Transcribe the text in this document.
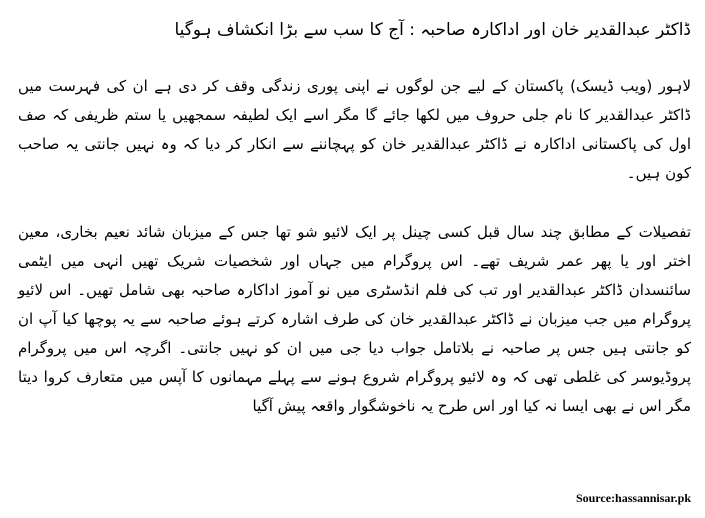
ڈاکٹر عبدالقدیر خان اور اداکارہ صاحبہ : آج کا سب سے بڑا انکشاف ہوگیا
لاہور (ویب ڈیسک) پاکستان کے لیے جن لوگوں نے اپنی پوری زندگی وقف کر دی ہے ان کی فہرست میں ڈاکٹر عبدالقدیر کا نام جلی حروف میں لکھا جائے گا مگر اسے ایک لطیفہ سمجھیں یا ستم ظریفی کہ صف اول کی پاکستانی اداکارہ نے ڈاکٹر عبدالقدیر خان کو پہچاننے سے انکار کر دیا کہ وہ نہیں جانتی یہ صاحب کون ہیں۔
تفصیلات کے مطابق چند سال قبل کسی چینل پر ایک لائیو شو تھا جس کے میزبان شائد نعیم بخاری، معین اختر اور یا پھر عمر شریف تھے۔ اس پروگرام میں جہاں اور شخصیات شریک تھیں انہی میں ایٹمی سائنسدان ڈاکٹر عبدالقدیر اور تب کی فلم انڈسٹری میں نو آموز اداکارہ صاحبہ بھی شامل تھیں۔ اس لائیو پروگرام میں جب میزبان نے ڈاکٹر عبدالقدیر خان کی طرف اشارہ کرتے ہوئے صاحبہ سے یہ پوچھا کیا آپ ان کو جانتی ہیں جس پر صاحبہ نے بلاتامل جواب دیا جی میں ان کو نہیں جانتی۔ اگرچہ اس میں پروگرام پروڈیوسر کی غلطی تھی کہ وہ لائیو پروگرام شروع ہونے سے پہلے مہمانوں کا آپس میں متعارف کروا دیتا مگر اس نے بھی ایسا نہ کیا اور اس طرح یہ ناخوشگوار واقعہ پیش آگیا
Source:hassannisar.pk
